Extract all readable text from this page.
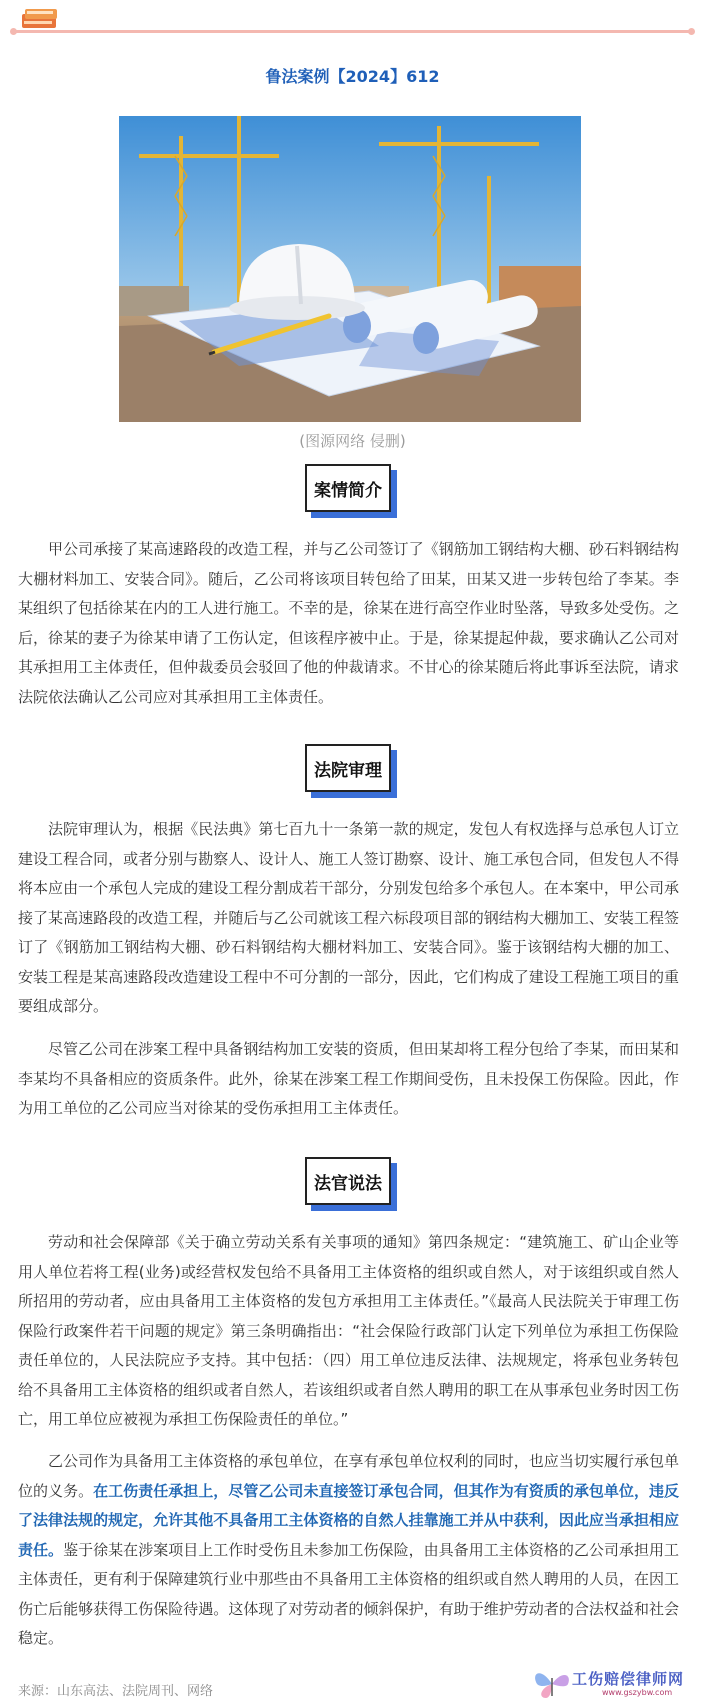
鲁法案例【2024】612
(图源网络 侵删)
案情简介

甲公司承接了某高速路段的改造工程，并与乙公司签订了《钢筋加工钢结构大棚、砂石料钢结构大棚材料加工、安装合同》。随后，乙公司将该项目转包给了田某，田某又进一步转包给了李某。李某组织了包括徐某在内的工人进行施工。不幸的是，徐某在进行高空作业时坠落，导致多处受伤。之后，徐某的妻子为徐某申请了工伤认定，但该程序被中止。于是，徐某提起仲裁，要求确认乙公司对其承担用工主体责任，但仲裁委员会驳回了他的仲裁请求。不甘心的徐某随后将此事诉至法院，请求法院依法确认乙公司应对其承担用工主体责任。

法院审理

法院审理认为，根据《民法典》第七百九十一条第一款的规定，发包人有权选择与总承包人订立建设工程合同，或者分别与勘察人、设计人、施工人签订勘察、设计、施工承包合同，但发包人不得将本应由一个承包人完成的建设工程分割成若干部分，分别发包给多个承包人。在本案中，甲公司承接了某高速路段的改造工程，并随后与乙公司就该工程六标段项目部的钢结构大棚加工、安装工程签订了《钢筋加工钢结构大棚、砂石料钢结构大棚材料加工、安装合同》。鉴于该钢结构大棚的加工、安装工程是某高速路段改造建设工程中不可分割的一部分，因此，它们构成了建设工程施工项目的重要组成部分。

尽管乙公司在涉案工程中具备钢结构加工安装的资质，但田某却将工程分包给了李某，而田某和李某均不具备相应的资质条件。此外，徐某在涉案工程工作期间受伤，且未投保工伤保险。因此，作为用工单位的乙公司应当对徐某的受伤承担用工主体责任。

法官说法

劳动和社会保障部《关于确立劳动关系有关事项的通知》第四条规定：“建筑施工、矿山企业等用人单位若将工程(业务)或经营权发包给不具备用工主体资格的组织或自然人，对于该组织或自然人所招用的劳动者，应由具备用工主体资格的发包方承担用工主体责任。”《最高人民法院关于审理工伤保险行政案件若干问题的规定》第三条明确指出：“社会保险行政部门认定下列单位为承担工伤保险责任单位的，人民法院应予支持。其中包括：（四）用工单位违反法律、法规规定，将承包业务转包给不具备用工主体资格的组织或者自然人，若该组织或者自然人聘用的职工在从事承包业务时因工伤亡，用工单位应被视为承担工伤保险责任的单位。”

乙公司作为具备用工主体资格的承包单位，在享有承包单位权利的同时，也应当切实履行承包单位的义务。在工伤责任承担上，尽管乙公司未直接签订承包合同，但其作为有资质的承包单位，违反了法律法规的规定，允许其他不具备用工主体资格的自然人挂靠施工并从中获利，因此应当承担相应责任。鉴于徐某在涉案项目上工作时受伤且未参加工伤保险，由具备用工主体资格的乙公司承担用工主体责任，更有利于保障建筑行业中那些由不具备用工主体资格的组织或自然人聘用的人员，在因工伤亡后能够获得工伤保险待遇。这体现了对劳动者的倾斜保护，有助于维护劳动者的合法权益和社会稳定。

来源：山东高法、法院周刊、网络
工伤赔偿律师网
www.gszybw.com
